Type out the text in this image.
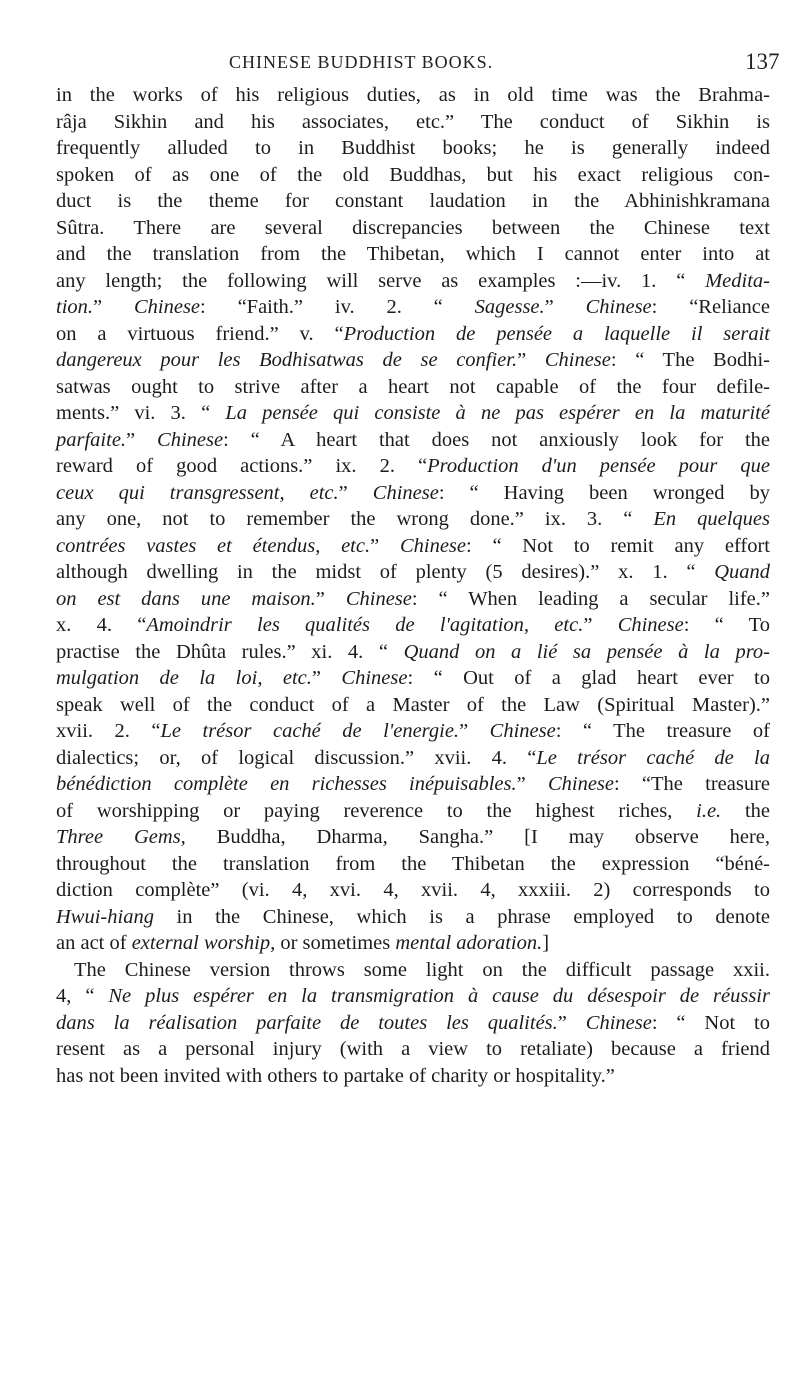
CHINESE BUDDHIST BOOKS.	137
in the works of his religious duties, as in old time was the Brahma-
râja Sikhin and his associates, etc.” The conduct of Sikhin is
frequently alluded to in Buddhist books; he is generally indeed
spoken of as one of the old Buddhas, but his exact religious con-
duct is the theme for constant laudation in the Abhinishkramana
Sûtra. There are several discrepancies between the Chinese text
and the translation from the Thibetan, which I cannot enter into at
any length; the following will serve as examples :—iv. 1. “ Medita-
tion.” Chinese: “Faith.” iv. 2. “ Sagesse.” Chinese: “Reliance
on a virtuous friend.” v. “Production de pensée a laquelle il serait
dangereux pour les Bodhisatwas de se confier.” Chinese: “ The Bodhi-
satwas ought to strive after a heart not capable of the four defile-
ments.” vi. 3. “ La pensée qui consiste à ne pas espérer en la maturité
parfaite.” Chinese: “ A heart that does not anxiously look for the
reward of good actions.” ix. 2. “Production d'un pensée pour que
ceux qui transgressent, etc.” Chinese: “ Having been wronged by
any one, not to remember the wrong done.” ix. 3. “ En quelques
contrées vastes et étendus, etc.” Chinese: “ Not to remit any effort
although dwelling in the midst of plenty (5 desires).” x. 1. “ Quand
on est dans une maison.” Chinese: “ When leading a secular life.”
x. 4. “Amoindrir les qualités de l'agitation, etc.” Chinese: “ To
practise the Dhûta rules.” xi. 4. “ Quand on a lié sa pensée à la pro-
mulgation de la loi, etc.” Chinese: “ Out of a glad heart ever to
speak well of the conduct of a Master of the Law (Spiritual Master).”
xvii. 2. “Le trésor caché de l'energie.” Chinese: “ The treasure of
dialectics; or, of logical discussion.” xvii. 4. “Le trésor caché de la
bénédiction complète en richesses inépuisables.” Chinese: “The treasure
of worshipping or paying reverence to the highest riches, i.e. the
Three Gems, Buddha, Dharma, Sangha.” [I may observe here,
throughout the translation from the Thibetan the expression “béné-
diction complète” (vi. 4, xvi. 4, xvii. 4, xxxiii. 2) corresponds to
Hwui-hiang in the Chinese, which is a phrase employed to denote
an act of external worship, or sometimes mental adoration.]
The Chinese version throws some light on the difficult passage xxii.
4, “ Ne plus espérer en la transmigration à cause du désespoir de réussir
dans la réalisation parfaite de toutes les qualités.” Chinese: “ Not to
resent as a personal injury (with a view to retaliate) because a friend
has not been invited with others to partake of charity or hospitality.”
